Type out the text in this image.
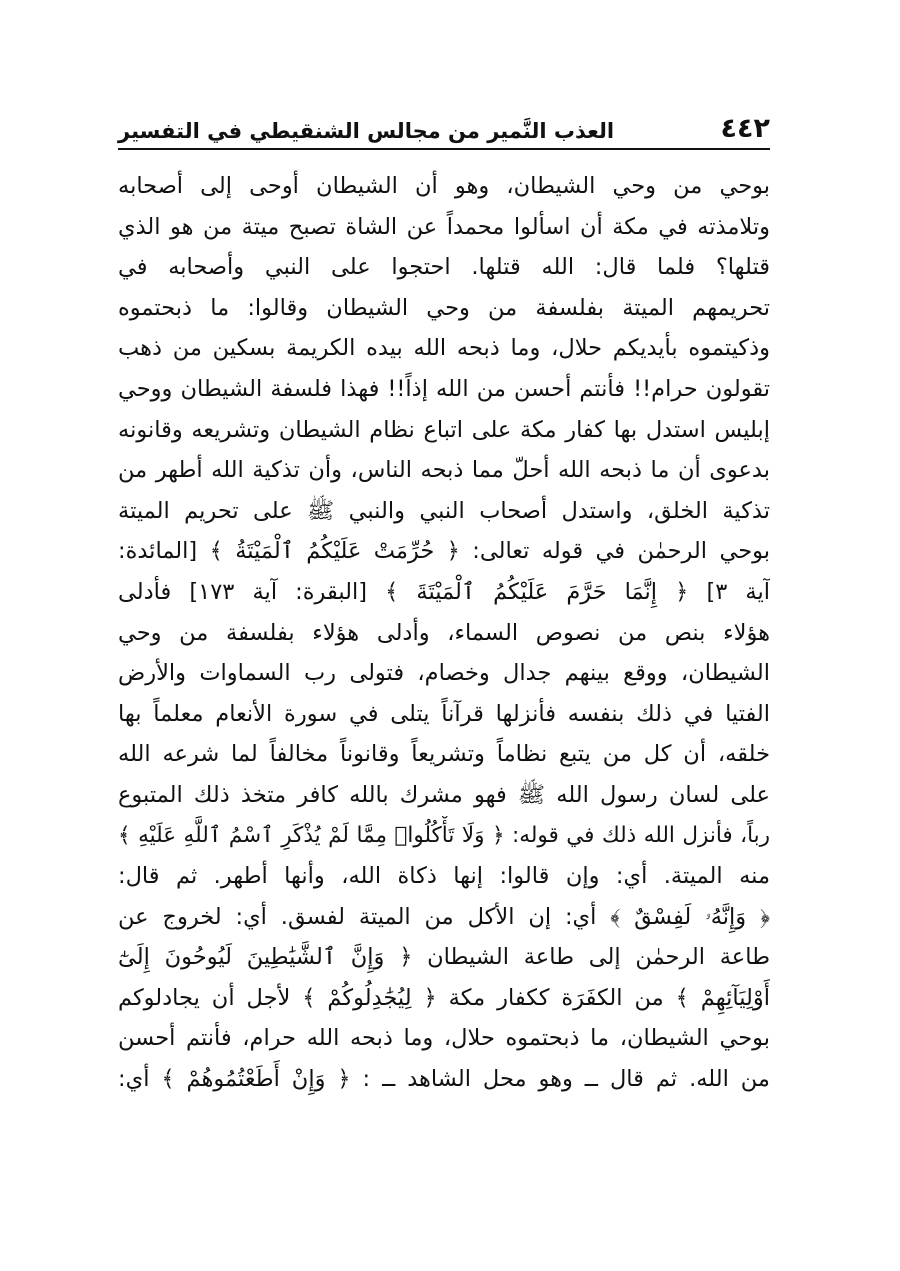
٤٤٢
العذب النَّمير من مجالس الشنقيطي في التفسير
بوحي من وحي الشيطان، وهو أن الشيطان أوحى إلى أصحابه
وتلامذته في مكة أن اسألوا محمداً عن الشاة تصبح ميتة من هو الذي
قتلها؟ فلما قال: الله قتلها. احتجوا على النبي وأصحابه في
تحريمهم الميتة بفلسفة من وحي الشيطان وقالوا: ما ذبحتموه
وذكيتموه بأيديكم حلال، وما ذبحه الله بيده الكريمة بسكين من ذهب
تقولون حرام!! فأنتم أحسن من الله إذاً!! فهذا فلسفة الشيطان ووحي
إبليس استدل بها كفار مكة على اتباع نظام الشيطان وتشريعه وقانونه
بدعوى أن ما ذبحه الله أحلّ مما ذبحه الناس، وأن تذكية الله أطهر من
تذكية الخلق، واستدل أصحاب النبي والنبي ﷺ على تحريم الميتة
بوحي الرحمٰن في قوله تعالى: ﴿ حُرِّمَتْ عَلَيْكُمُ ٱلْمَيْتَةُ ﴾ [المائدة:
آية ٣] ﴿ إِنَّمَا حَرَّمَ عَلَيْكُمُ ٱلْمَيْتَةَ ﴾ [البقرة: آية ١٧٣] فأدلى
هؤلاء بنص من نصوص السماء، وأدلى هؤلاء بفلسفة من وحي
الشيطان، ووقع بينهم جدال وخصام، فتولى رب السماوات والأرض
الفتيا في ذلك بنفسه فأنزلها قرآناً يتلى في سورة الأنعام معلماً بها
خلقه، أن كل من يتبع نظاماً وتشريعاً وقانوناً مخالفاً لما شرعه الله
على لسان رسول الله ﷺ فهو مشرك بالله كافر متخذ ذلك المتبوع
رباً، فأنزل الله ذلك في قوله: ﴿ وَلَا تَأْكُلُوا۟ مِمَّا لَمْ يُذْكَرِ ٱسْمُ ٱللَّهِ عَلَيْهِ ﴾
منه الميتة. أي: وإن قالوا: إنها ذكاة الله، وأنها أطهر. ثم قال:
﴿ وَإِنَّهُۥ لَفِسْقٌ ﴾ أي: إن الأكل من الميتة لفسق. أي: لخروج عن
طاعة الرحمٰن إلى طاعة الشيطان ﴿ وَإِنَّ ٱلشَّيَٰطِينَ لَيُوحُونَ إِلَىٰٓ
أَوْلِيَآئِهِمْ ﴾ من الكفَرَة ككفار مكة ﴿ لِيُجَٰدِلُوكُمْ ﴾ لأجل أن يجادلوكم
بوحي الشيطان، ما ذبحتموه حلال، وما ذبحه الله حرام، فأنتم أحسن
من الله. ثم قال ــ وهو محل الشاهد ــ : ﴿ وَإِنْ أَطَعْتُمُوهُمْ ﴾ أي:
